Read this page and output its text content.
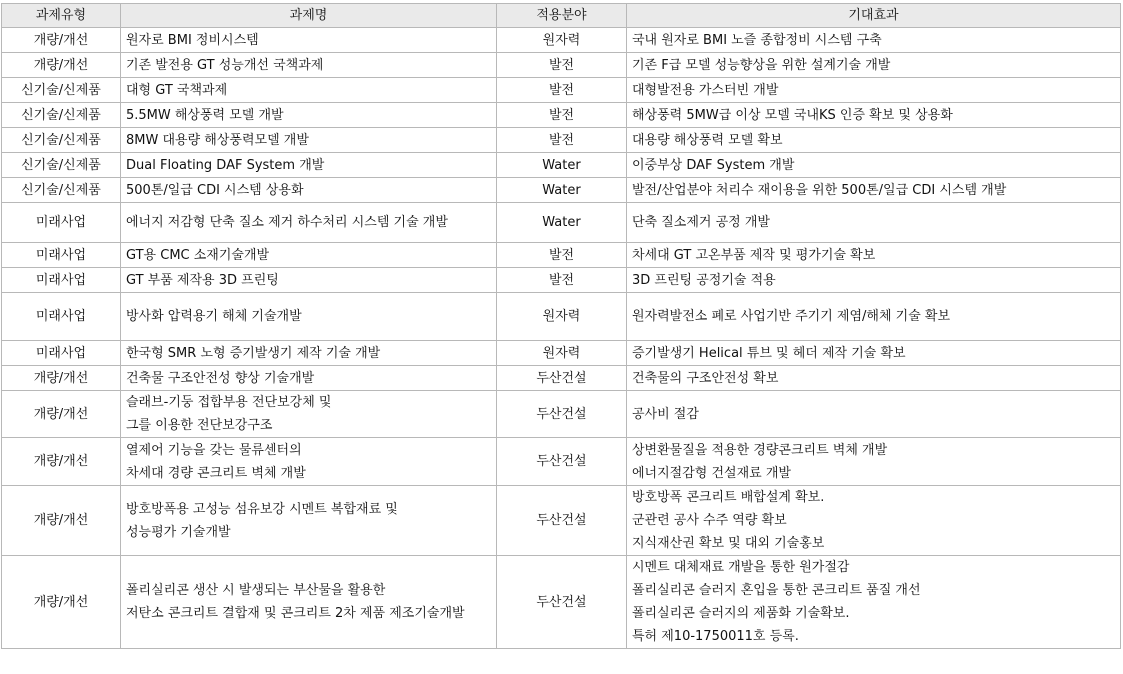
과제유형	과제명	적용분야	기대효과
개량/개선	원자로 BMI 정비시스템	원자력	국내 원자로 BMI 노즐 종합정비 시스템 구축

개량/개선	기존 발전용 GT 성능개선 국책과제	발전	기존 F급 모델 성능향상을 위한 설계기술 개발

신기술/신제품	대형 GT 국책과제	발전	대형발전용 가스터빈 개발

신기술/신제품	5.5MW 해상풍력 모델 개발	발전	해상풍력 5MW급 이상 모델 국내KS 인증 확보 및 상용화

신기술/신제품	8MW 대용량 해상풍력모델 개발	발전	대용량 해상풍력 모델 확보

신기술/신제품	Dual Floating DAF System 개발	Water	이중부상 DAF System 개발

신기술/신제품	500톤/일급 CDI 시스템 상용화	Water	발전/산업분야 처리수 재이용을 위한 500톤/일급 CDI 시스템 개발

미래사업	에너지 저감형 단축 질소 제거 하수처리 시스템 기술 개발	Water	단축 질소제거 공정 개발

미래사업	GT용 CMC 소재기술개발	발전	차세대 GT 고온부품 제작 및 평가기술 확보

미래사업	GT 부품 제작용 3D 프린팅	발전	3D 프린팅 공정기술 적용

미래사업	방사화 압력용기 해체 기술개발	원자력	원자력발전소 폐로 사업기반 주기기 제염/해체 기술 확보

미래사업	한국형 SMR 노형 증기발생기 제작 기술 개발	원자력	증기발생기 Helical 튜브 및 헤더 제작 기술 확보

개량/개선	건축물 구조안전성 향상 기술개발	두산건설	건축물의 구조안전성 확보

개량/개선	슬래브-기둥 접합부용 전단보강체 및
그를 이용한 전단보강구조	두산건설	공사비 절감

개량/개선	열제어 기능을 갖는 물류센터의
차세대 경량 콘크리트 벽체 개발	두산건설	상변환물질을 적용한 경량콘크리트 벽체 개발
에너지절감형 건설재료 개발

개량/개선	방호방폭용 고성능 섬유보강 시멘트 복합재료 및
성능평가 기술개발	두산건설	방호방폭 콘크리트 배합설계 확보.
군관련 공사 수주 역량 확보
지식재산권 확보 및 대외 기술홍보

개량/개선	폴리실리콘 생산 시 발생되는 부산물을 활용한
저탄소 콘크리트 결합재 및 콘크리트 2차 제품 제조기술개발	두산건설	시멘트 대체재료 개발을 통한 원가절감
폴리실리콘 슬러지 혼입을 통한 콘크리트 품질 개선
폴리실리콘 슬러지의 제품화 기술확보.
특허 제10-1750011호 등록.
